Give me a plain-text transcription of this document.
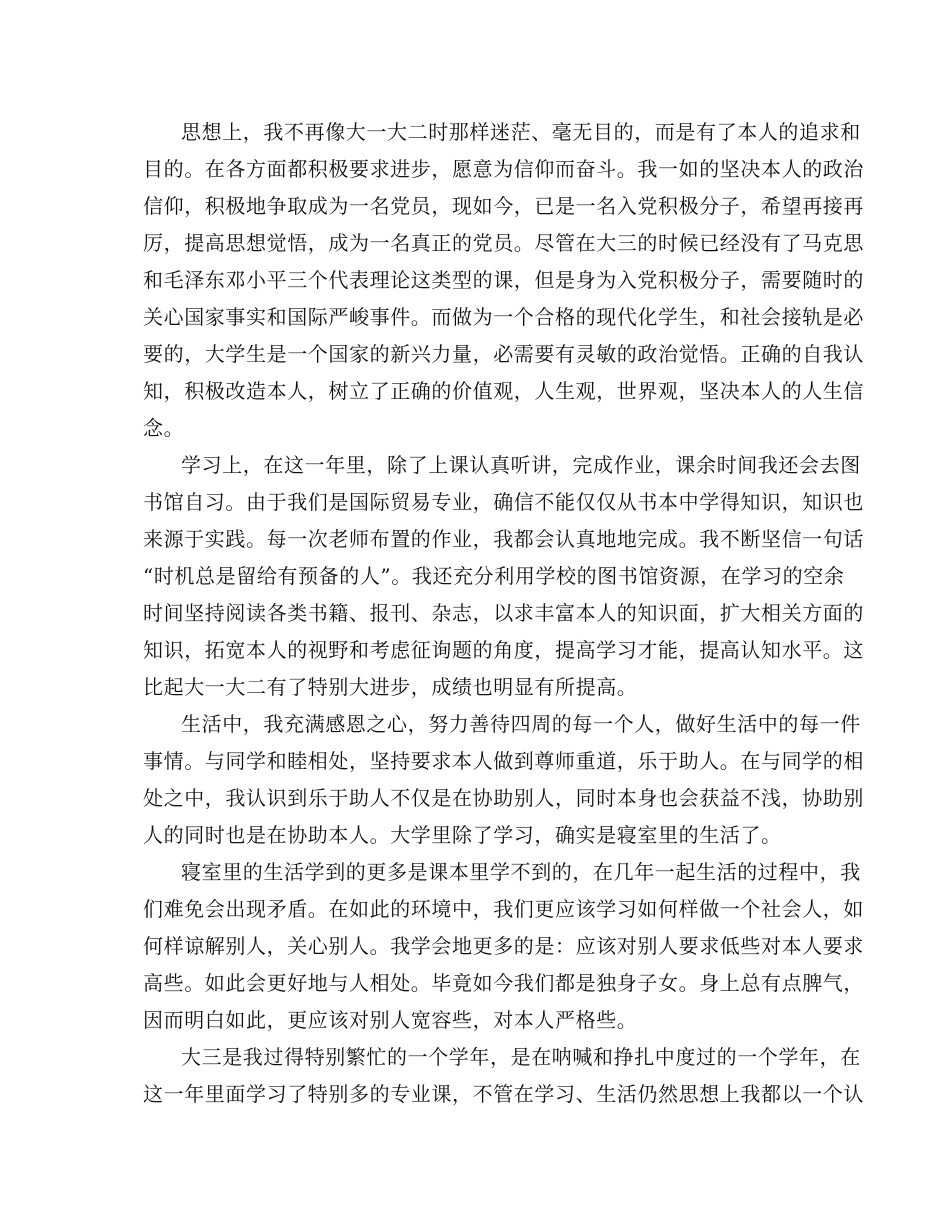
思想上，我不再像大一大二时那样迷茫、毫无目的，而是有了本人的追求和
目的。在各方面都积极要求进步，愿意为信仰而奋斗。我一如的坚决本人的政治
信仰，积极地争取成为一名党员，现如今，已是一名入党积极分子，希望再接再
厉，提高思想觉悟，成为一名真正的党员。尽管在大三的时候已经没有了马克思
和毛泽东邓小平三个代表理论这类型的课，但是身为入党积极分子，需要随时的
关心国家事实和国际严峻事件。而做为一个合格的现代化学生，和社会接轨是必
要的，大学生是一个国家的新兴力量，必需要有灵敏的政治觉悟。正确的自我认
知，积极改造本人，树立了正确的价值观，人生观，世界观，坚决本人的人生信
念。
学习上，在这一年里，除了上课认真听讲，完成作业，课余时间我还会去图
书馆自习。由于我们是国际贸易专业，确信不能仅仅从书本中学得知识，知识也
来源于实践。每一次老师布置的作业，我都会认真地地完成。我不断坚信一句话
“时机总是留给有预备的人”。我还充分利用学校的图书馆资源，在学习的空余
时间坚持阅读各类书籍、报刊、杂志，以求丰富本人的知识面，扩大相关方面的
知识，拓宽本人的视野和考虑征询题的角度，提高学习才能，提高认知水平。这
比起大一大二有了特别大进步，成绩也明显有所提高。
生活中，我充满感恩之心，努力善待四周的每一个人，做好生活中的每一件
事情。与同学和睦相处，坚持要求本人做到尊师重道，乐于助人。在与同学的相
处之中，我认识到乐于助人不仅是在协助别人，同时本身也会获益不浅，协助别
人的同时也是在协助本人。大学里除了学习，确实是寝室里的生活了。
寝室里的生活学到的更多是课本里学不到的，在几年一起生活的过程中，我
们难免会出现矛盾。在如此的环境中，我们更应该学习如何样做一个社会人，如
何样谅解别人，关心别人。我学会地更多的是：应该对别人要求低些对本人要求
高些。如此会更好地与人相处。毕竟如今我们都是独身子女。身上总有点脾气，
因而明白如此，更应该对别人宽容些，对本人严格些。
大三是我过得特别繁忙的一个学年，是在呐喊和挣扎中度过的一个学年，在
这一年里面学习了特别多的专业课，不管在学习、生活仍然思想上我都以一个认
